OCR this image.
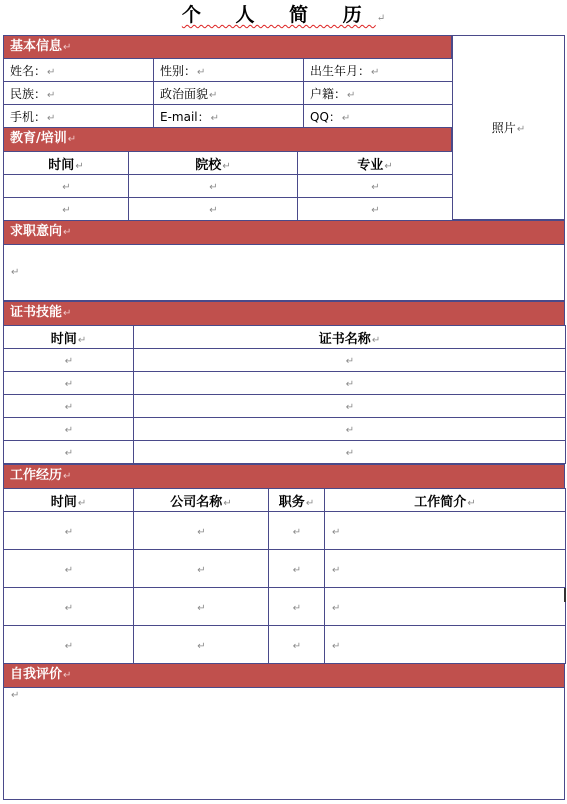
个 人 简 历↵
基本信息↵
姓名：↵	性别：↵	出生年月：↵
民族：↵	政治面貌↵	户籍：↵
手机：↵	E-mail：↵	QQ：↵
照片↵
教育/培训↵
时间↵	院校↵	专业↵
↵	↵	↵
↵	↵	↵
求职意向↵
↵
证书技能↵
时间↵	证书名称↵
↵	↵
↵	↵
↵	↵
↵	↵
↵	↵
工作经历↵
时间↵	公司名称↵	职务↵	工作简介↵
↵	↵	↵	↵
↵	↵	↵	↵
↵	↵	↵	↵
↵	↵	↵	↵
自我评价↵
↵
